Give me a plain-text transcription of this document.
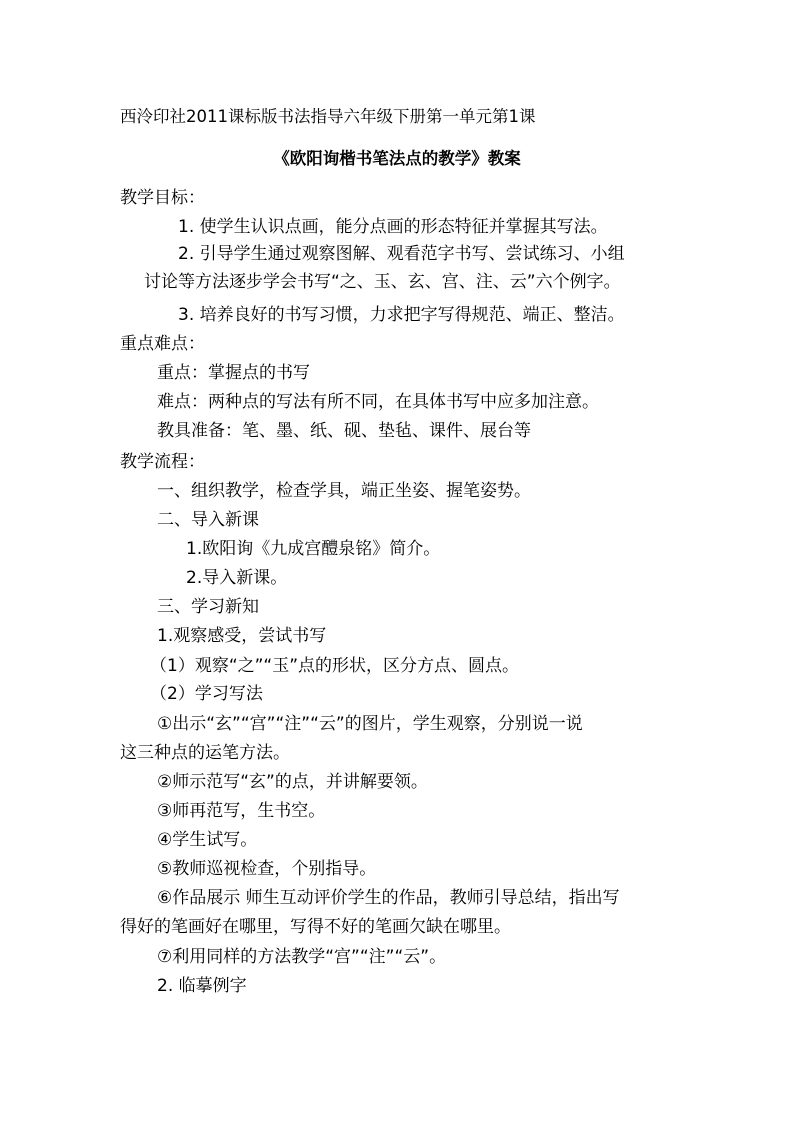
西泠印社2011课标版书法指导六年级下册第一单元第1课
《欧阳询楷书笔法点的教学》教案
教学目标：
1. 使学生认识点画，能分点画的形态特征并掌握其写法。
2. 引导学生通过观察图解、观看范字书写、尝试练习、小组
讨论等方法逐步学会书写“之、玉、玄、宫、注、云”六个例字。
3. 培养良好的书写习惯，力求把字写得规范、端正、整洁。
重点难点：
重点：掌握点的书写
难点：两种点的写法有所不同，在具体书写中应多加注意。
教具准备：笔、墨、纸、砚、垫毡、课件、展台等
教学流程：
一、组织教学，检查学具，端正坐姿、握笔姿势。
二、导入新课
1.欧阳询《九成宫醴泉铭》简介。
2.导入新课。
三、学习新知
1.观察感受，尝试书写
（1）观察“之”“玉”点的形状，区分方点、圆点。
（2）学习写法
①出示“玄”“宫”“注”“云”的图片，学生观察，分别说一说
这三种点的运笔方法。
②师示范写“玄”的点，并讲解要领。
③师再范写，生书空。
④学生试写。
⑤教师巡视检查，个别指导。
⑥作品展示 师生互动评价学生的作品，教师引导总结，指出写
得好的笔画好在哪里，写得不好的笔画欠缺在哪里。
⑦利用同样的方法教学“宫”“注”“云”。
2. 临摹例字
